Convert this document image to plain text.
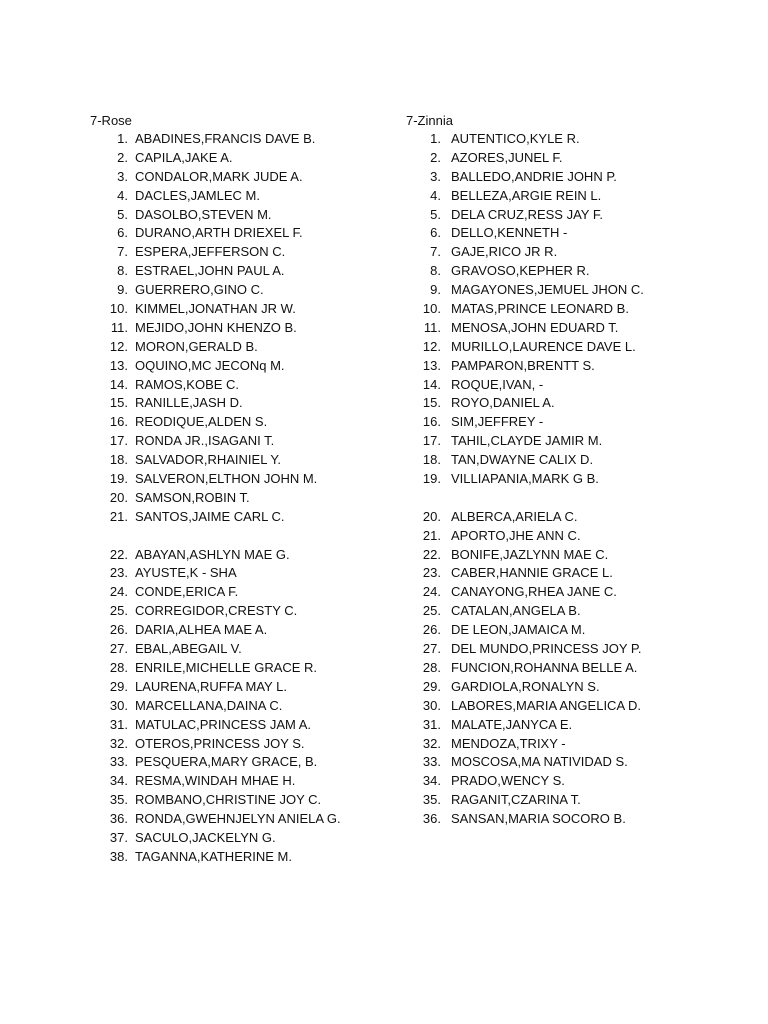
7-Rose
1. ABADINES,FRANCIS DAVE B.
2. CAPILA,JAKE A.
3. CONDALOR,MARK JUDE A.
4. DACLES,JAMLEC M.
5. DASOLBO,STEVEN M.
6. DURANO,ARTH DRIEXEL F.
7. ESPERA,JEFFERSON C.
8. ESTRAEL,JOHN PAUL A.
9. GUERRERO,GINO C.
10. KIMMEL,JONATHAN JR W.
11. MEJIDO,JOHN KHENZO B.
12. MORON,GERALD B.
13. OQUINO,MC JECONq M.
14. RAMOS,KOBE C.
15. RANILLE,JASH D.
16. REODIQUE,ALDEN S.
17. RONDA JR.,ISAGANI T.
18. SALVADOR,RHAINIEL Y.
19. SALVERON,ELTHON JOHN M.
20. SAMSON,ROBIN T.
21. SANTOS,JAIME CARL C.
22. ABAYAN,ASHLYN MAE G.
23. AYUSTE,K - SHA
24. CONDE,ERICA F.
25. CORREGIDOR,CRESTY C.
26. DARIA,ALHEA MAE A.
27. EBAL,ABEGAIL V.
28. ENRILE,MICHELLE GRACE R.
29. LAURENA,RUFFA MAY L.
30. MARCELLANA,DAINA C.
31. MATULAC,PRINCESS JAM A.
32. OTEROS,PRINCESS JOY S.
33. PESQUERA,MARY GRACE, B.
34. RESMA,WINDAH MHAE H.
35. ROMBANO,CHRISTINE JOY C.
36. RONDA,GWEHNJELYN ANIELA G.
37. SACULO,JACKELYN G.
38. TAGANNA,KATHERINE M.
7-Zinnia
1. AUTENTICO,KYLE R.
2. AZORES,JUNEL F.
3. BALLEDO,ANDRIE JOHN P.
4. BELLEZA,ARGIE REIN L.
5. DELA CRUZ,RESS JAY F.
6. DELLO,KENNETH -
7. GAJE,RICO JR R.
8. GRAVOSO,KEPHER R.
9. MAGAYONES,JEMUEL JHON C.
10. MATAS,PRINCE LEONARD B.
11. MENOSA,JOHN EDUARD T.
12. MURILLO,LAURENCE DAVE L.
13. PAMPARON,BRENTT S.
14. ROQUE,IVAN, -
15. ROYO,DANIEL A.
16. SIM,JEFFREY -
17. TAHIL,CLAYDE JAMIR M.
18. TAN,DWAYNE CALIX D.
19. VILLIAPANIA,MARK G B.
20. ALBERCA,ARIELA C.
21. APORTO,JHE ANN C.
22. BONIFE,JAZLYNN MAE C.
23. CABER,HANNIE GRACE L.
24. CANAYONG,RHEA JANE C.
25. CATALAN,ANGELA B.
26. DE LEON,JAMAICA M.
27. DEL MUNDO,PRINCESS JOY P.
28. FUNCION,ROHANNA BELLE A.
29. GARDIOLA,RONALYN S.
30. LABORES,MARIA ANGELICA D.
31. MALATE,JANYCA E.
32. MENDOZA,TRIXY -
33. MOSCOSA,MA NATIVIDAD S.
34. PRADO,WENCY S.
35. RAGANIT,CZARINA T.
36. SANSAN,MARIA SOCORO B.
